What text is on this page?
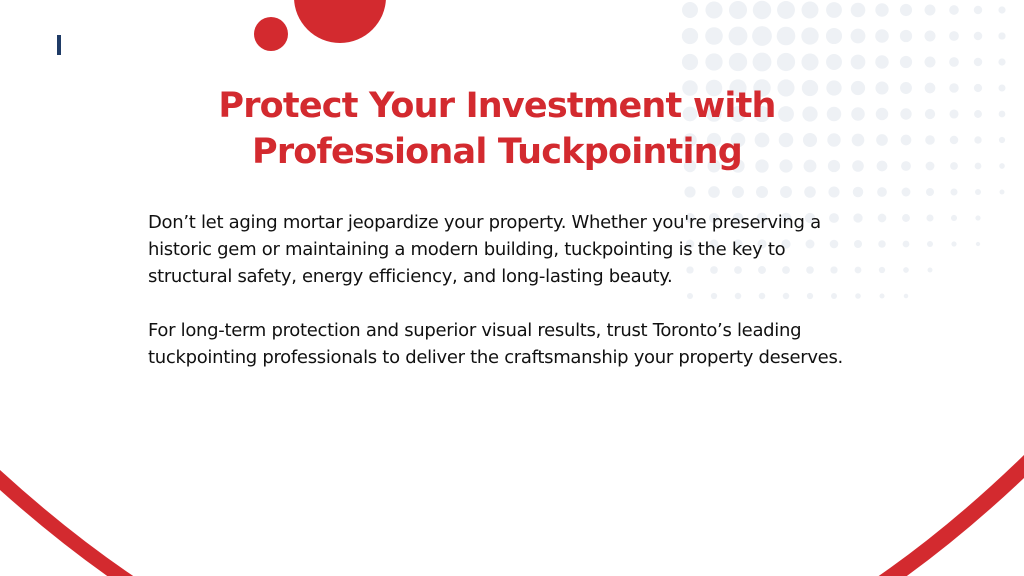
Protect Your Investment with Professional Tuckpointing

Don’t let aging mortar jeopardize your property. Whether you're preserving a historic gem or maintaining a modern building, tuckpointing is the key to structural safety, energy efficiency, and long-lasting beauty.

For long-term protection and superior visual results, trust Toronto’s leading tuckpointing professionals to deliver the craftsmanship your property deserves.
